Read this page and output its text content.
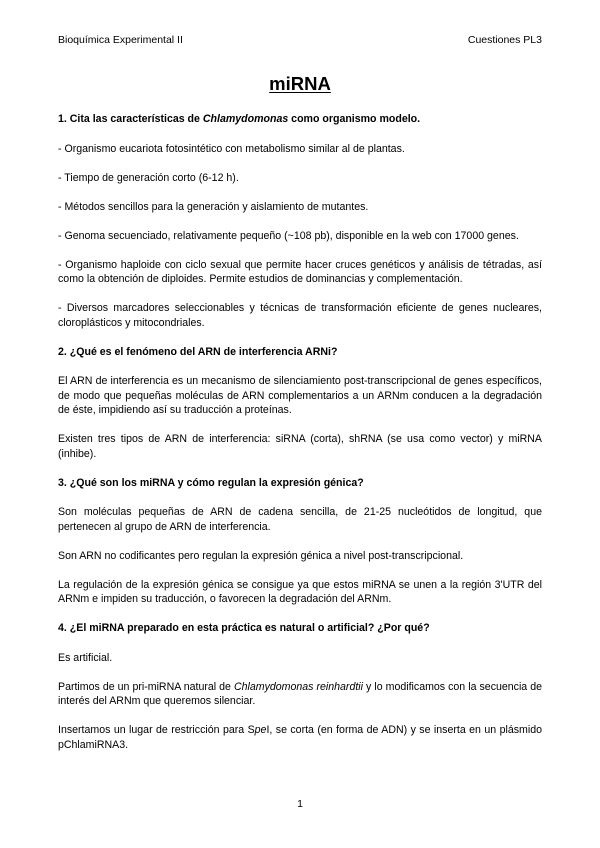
Bioquímica Experimental II	Cuestiones PL3
miRNA
1. Cita las características de Chlamydomonas como organismo modelo.
- Organismo eucariota fotosintético con metabolismo similar al de plantas.
- Tiempo de generación corto (6-12 h).
- Métodos sencillos para la generación y aislamiento de mutantes.
- Genoma secuenciado, relativamente pequeño (~108 pb), disponible en la web con 17000 genes.
- Organismo haploide con ciclo sexual que permite hacer cruces genéticos y análisis de tétradas, así como la obtención de diploides. Permite estudios de dominancias y complementación.
- Diversos marcadores seleccionables y técnicas de transformación eficiente de genes nucleares, cloroplásticos y mitocondriales.
2. ¿Qué es el fenómeno del ARN de interferencia ARNi?
El ARN de interferencia es un mecanismo de silenciamiento post-transcripcional de genes específicos, de modo que pequeñas moléculas de ARN complementarios a un ARNm conducen a la degradación de éste, impidiendo así su traducción a proteínas.
Existen tres tipos de ARN de interferencia: siRNA (corta), shRNA (se usa como vector) y miRNA (inhibe).
3. ¿Qué son los miRNA y cómo regulan la expresión génica?
Son moléculas pequeñas de ARN de cadena sencilla, de 21-25 nucleótidos de longitud, que pertenecen al grupo de ARN de interferencia.
Son ARN no codificantes pero regulan la expresión génica a nivel post-transcripcional.
La regulación de la expresión génica se consigue ya que estos miRNA se unen a la región 3'UTR del ARNm e impiden su traducción, o favorecen la degradación del ARNm.
4. ¿El miRNA preparado en esta práctica es natural o artificial? ¿Por qué?
Es artificial.
Partimos de un pri-miRNA natural de Chlamydomonas reinhardtii y lo modificamos con la secuencia de interés del ARNm que queremos silenciar.
Insertamos un lugar de restricción para SpeI, se corta (en forma de ADN) y se inserta en un plásmido pChlamiRNA3.
1
